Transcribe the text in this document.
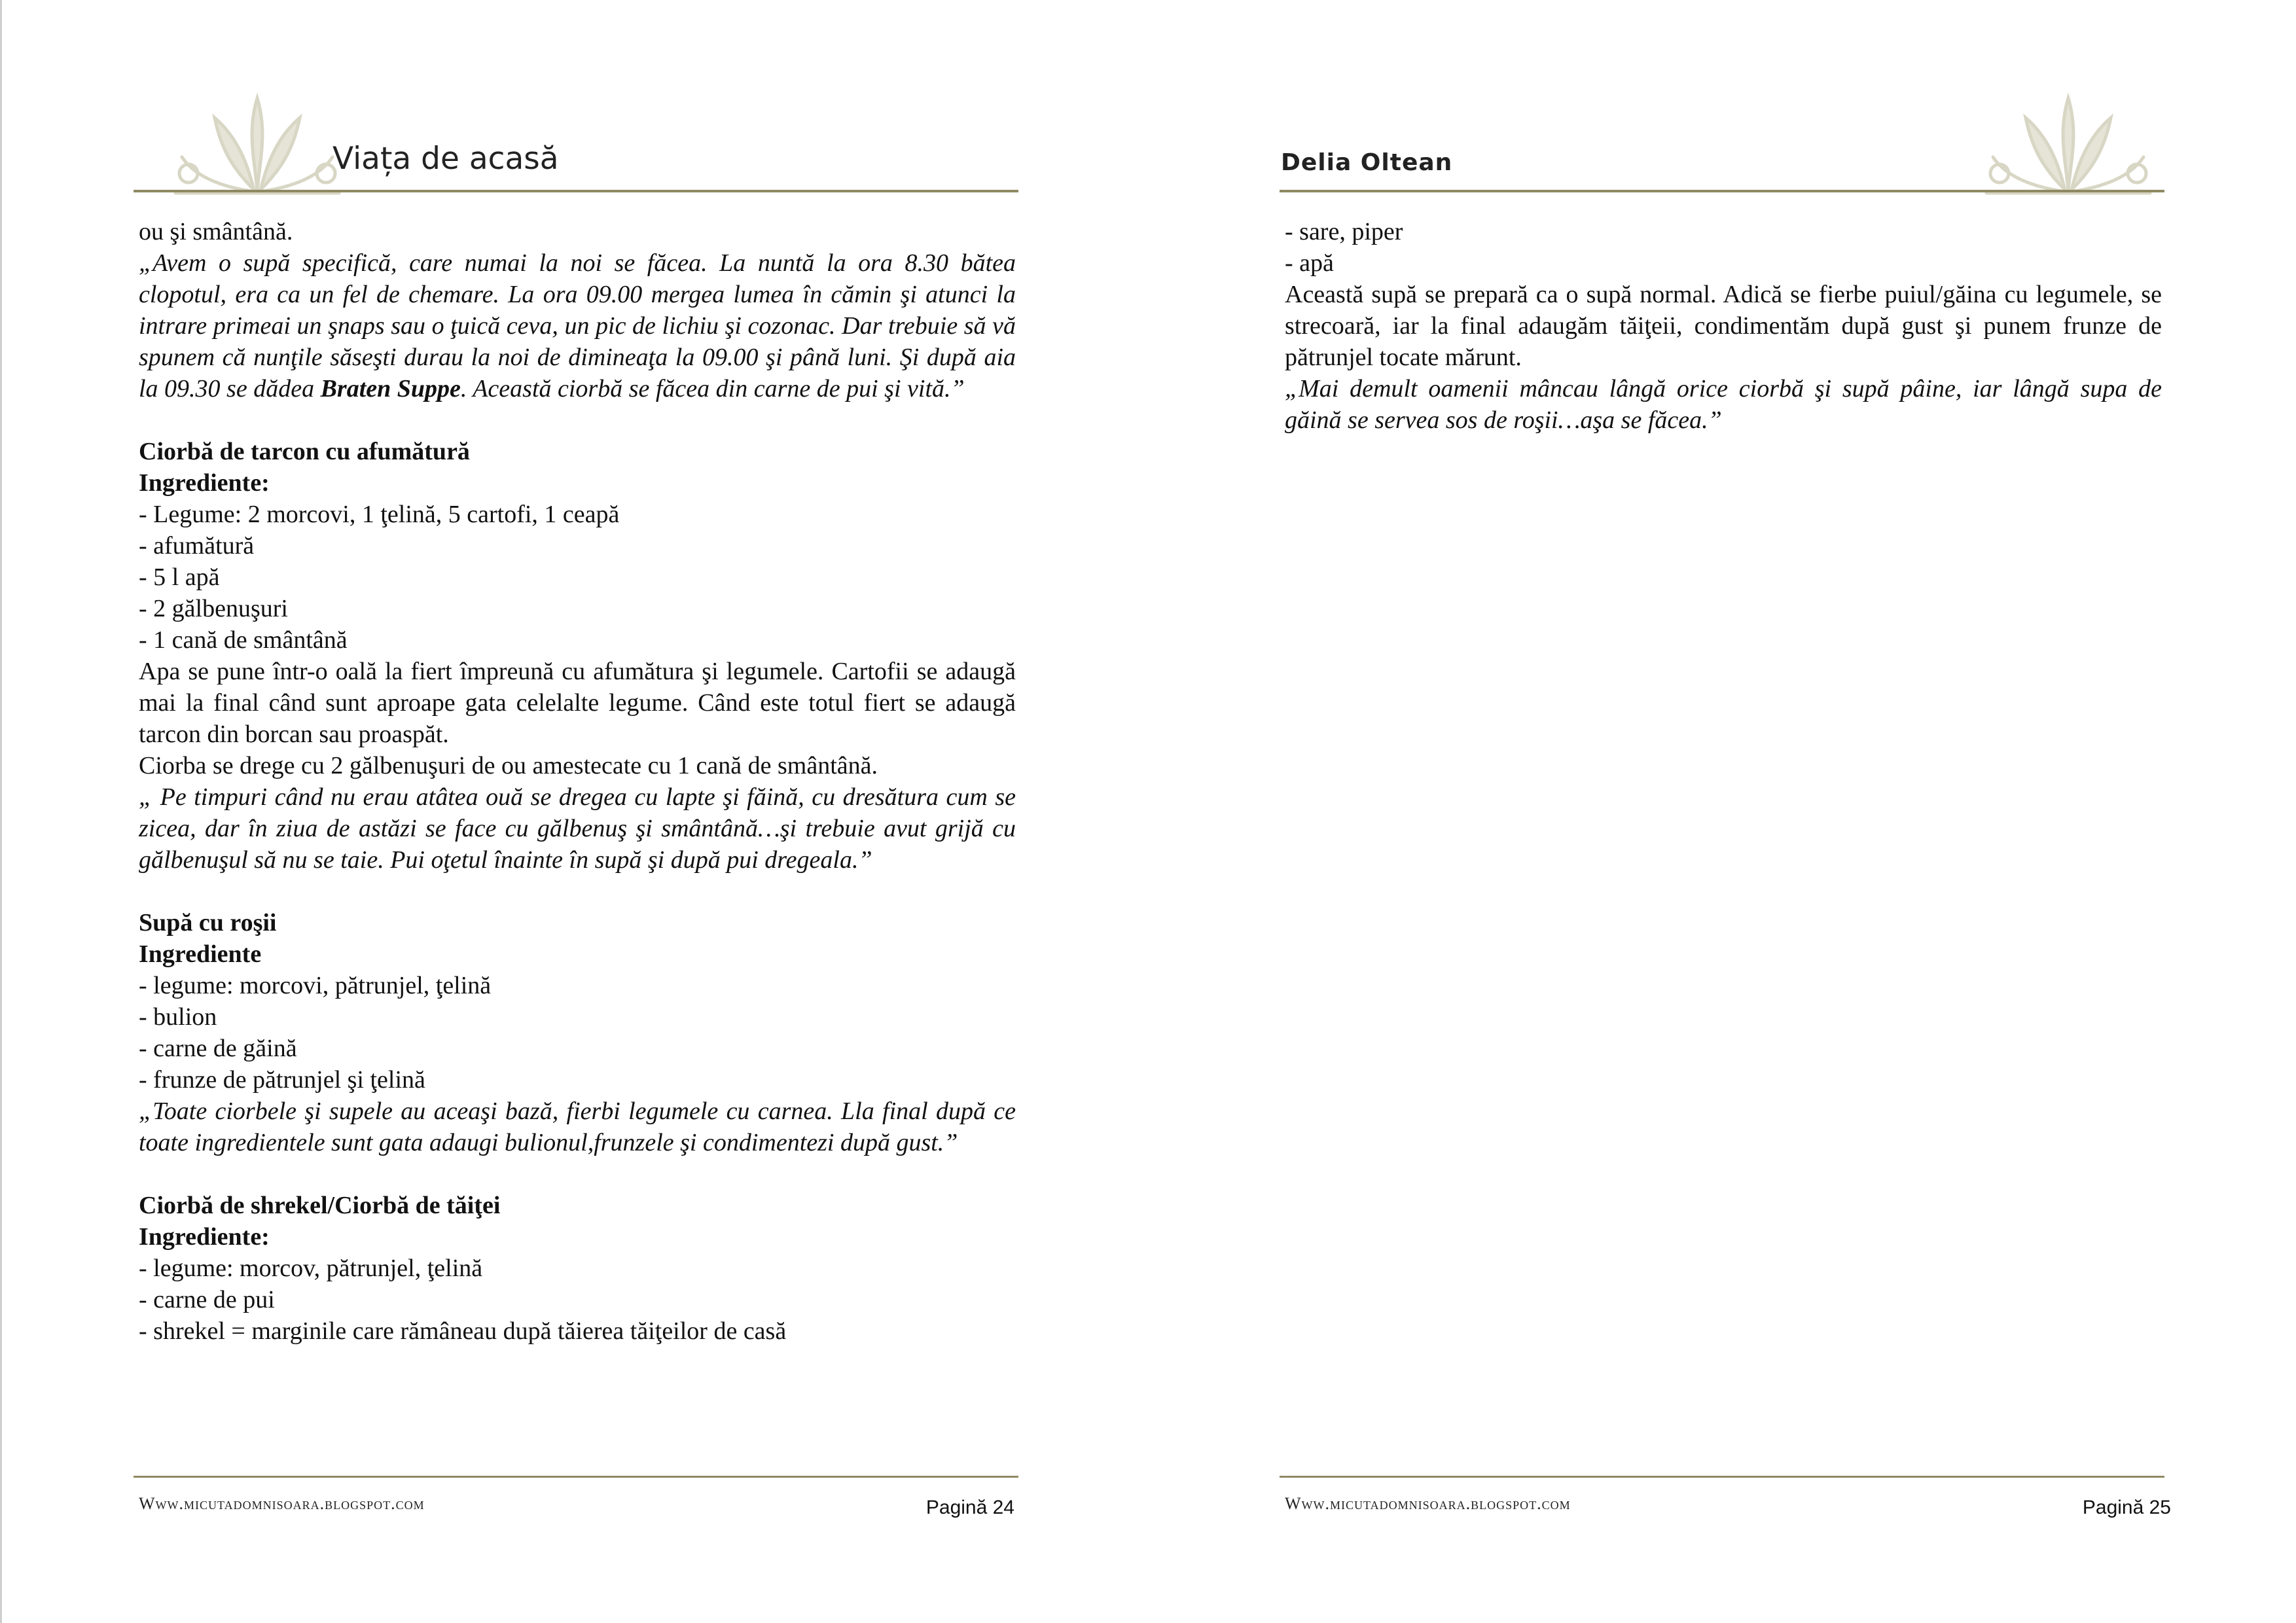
Viața de acasă

ou şi smântână.

„Avem o supă specifică, care numai la noi se făcea. La nuntă la ora 8.30 bătea clopotul, era ca un fel de chemare. La ora 09.00 mergea lumea în cămin şi atunci la intrare primeai un şnaps sau o ţuică ceva, un pic de lichiu şi cozonac. Dar trebuie să vă spunem că nunţile săseşti durau la noi de dimineaţa la 09.00 şi până luni. Şi după aia la 09.30 se dădea Braten Suppe. Această ciorbă se făcea din carne de pui şi vită.”

Ciorbă de tarcon cu afumătură

Ingrediente:

- Legume: 2 morcovi, 1 ţelină, 5 cartofi, 1 ceapă

- afumătură

- 5 l apă

- 2 gălbenuşuri

- 1 cană de smântână

Apa se pune într-o oală la fiert împreună cu afumătura şi legumele. Cartofii se adaugă mai la final când sunt aproape gata celelalte legume. Când este totul fiert se adaugă tarcon din borcan sau proaspăt.

Ciorba se drege cu 2 gălbenuşuri de ou amestecate cu 1 cană de smântână.

„ Pe timpuri când nu erau atâtea ouă se dregea cu lapte şi făină, cu dresătura cum se zicea, dar în ziua de astăzi se face cu gălbenuş şi smântână…şi trebuie avut grijă cu gălbenuşul să nu se taie. Pui oţetul înainte în supă şi după pui dregeala.”

Supă cu roşii

Ingrediente

- legume: morcovi, pătrunjel, ţelină

- bulion

- carne de găină

- frunze de pătrunjel şi ţelină

„Toate ciorbele şi supele au aceaşi bază, fierbi legumele cu carnea. Lla final după ce toate ingredientele sunt gata adaugi bulionul,frunzele şi condimentezi după gust.”

Ciorbă de shrekel/Ciorbă de tăiţei

Ingrediente:

- legume: morcov, pătrunjel, ţelină

- carne de pui

- shrekel = marginile care rămâneau după tăierea tăiţeilor de casă

Www.micutadomnisoara.blogspot.com	Pagină 24
Delia Oltean

- sare, piper

- apă

Această supă se prepară ca o supă normal. Adică se fierbe puiul/găina cu legumele, se strecoară, iar la final adaugăm tăiţeii, condimentăm după gust şi punem frunze de pătrunjel tocate mărunt.

„Mai demult oamenii mâncau lângă orice ciorbă şi supă pâine, iar lângă supa de găină se servea sos de roşii…aşa se făcea.”

Www.micutadomnisoara.blogspot.com	Pagină 25
